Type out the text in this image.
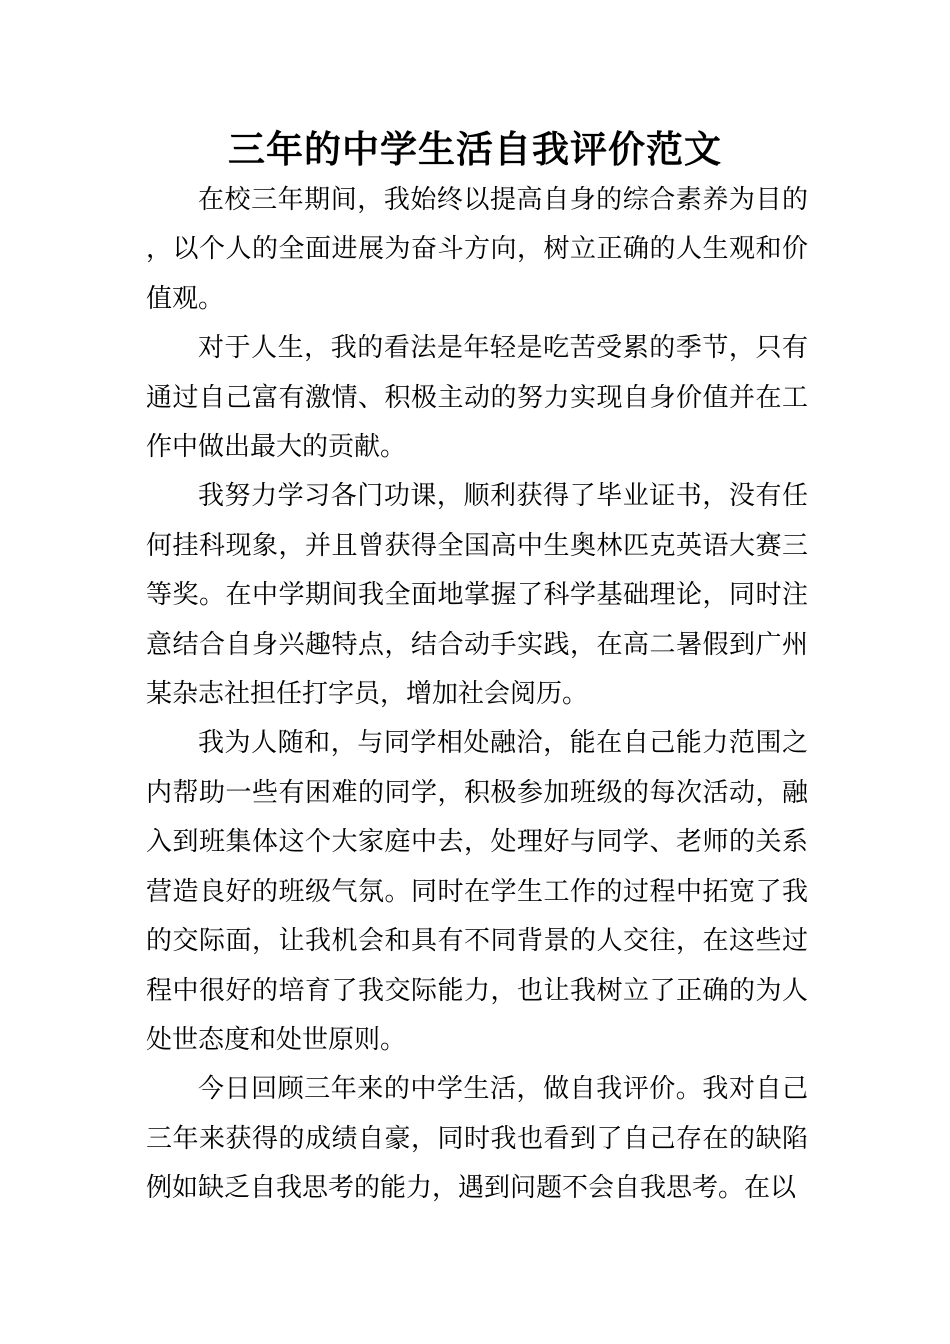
三年的中学生活自我评价范文

在校三年期间，我始终以提高自身的综合素养为目的，以个人的全面进展为奋斗方向，树立正确的人生观和价值观。

对于人生，我的看法是年轻是吃苦受累的季节，只有通过自己富有激情、积极主动的努力实现自身价值并在工作中做出最大的贡献。

我努力学习各门功课，顺利获得了毕业证书，没有任何挂科现象，并且曾获得全国高中生奥林匹克英语大赛三等奖。在中学期间我全面地掌握了科学基础理论，同时注意结合自身兴趣特点，结合动手实践，在高二暑假到广州某杂志社担任打字员，增加社会阅历。

我为人随和，与同学相处融洽，能在自己能力范围之内帮助一些有困难的同学，积极参加班级的每次活动，融入到班集体这个大家庭中去，处理好与同学、老师的关系营造良好的班级气氛。同时在学生工作的过程中拓宽了我的交际面，让我机会和具有不同背景的人交往，在这些过程中很好的培育了我交际能力，也让我树立了正确的为人处世态度和处世原则。

今日回顾三年来的中学生活，做自我评价。我对自己三年来获得的成绩自豪，同时我也看到了自己存在的缺陷例如缺乏自我思考的能力，遇到问题不会自我思考。在以
